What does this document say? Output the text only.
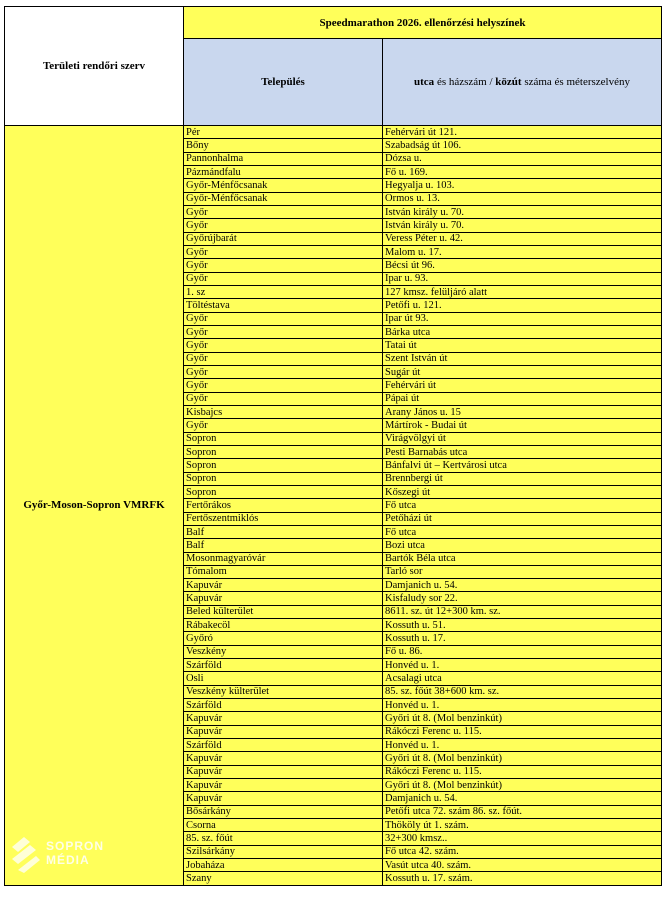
Területi rendőri szerv	Speedmarathon 2026. ellenőrzési helyszínek	
	Település	utca és házszám / közút száma és méterszelvény
Győr-Moson-Sopron VMRFK	Pér	Fehérvári út 121.
	Bőny	Szabadság út 106.
	Pannonhalma	Dózsa u.
	Pázmándfalu	Fő u. 169.
	Győr-Ménfőcsanak	Hegyalja u. 103.
	Győr-Ménfőcsanak	Ormos u. 13.
	Győr	István király u. 70.
	Győr	István király u. 70.
	Győrújbarát	Veress Péter u. 42.
	Győr	Malom u. 17.
	Győr	Bécsi út 96.
	Győr	Ipar u. 93.
	1. sz	127 kmsz. felüljáró alatt
	Töltéstava	Petőfi u. 121.
	Győr	Ipar út 93.
	Győr	Bárka utca
	Győr	Tatai út
	Győr	Szent István út
	Győr	Sugár út
	Győr	Fehérvári út
	Győr	Pápai út
	Kisbajcs	Arany János u. 15
	Győr	Mártírok - Budai út
	Sopron	Virágvölgyi út
	Sopron	Pesti Barnabás utca
	Sopron	Bánfalvi út – Kertvárosi utca
	Sopron	Brennbergi út
	Sopron	Kőszegi út
	Fertőrákos	Fő utca
	Fertőszentmiklós	Petőházi út
	Balf	Fő utca
	Balf	Bozi utca
	Mosonmagyaróvár	Bartók Béla utca
	Tómalom	Tarló sor
	Kapuvár	Damjanich u. 54.
	Kapuvár	Kisfaludy sor 22.
	Beled külterület	8611. sz. út 12+300 km. sz.
	Rábakecöl	Kossuth u. 51.
	Győró	Kossuth u. 17.
	Veszkény	Fő u. 86.
	Szárföld	Honvéd u. 1.
	Osli	Acsalagi utca
	Veszkény külterület	85. sz. főút 38+600 km. sz.
	Szárföld	Honvéd u. 1.
	Kapuvár	Győri út 8. (Mol benzinkút)
	Kapuvár	Rákóczi Ferenc u. 115.
	Szárföld	Honvéd u. 1.
	Kapuvár	Győri út 8. (Mol benzinkút)
	Kapuvár	Rákóczi Ferenc u. 115.
	Kapuvár	Győri út 8. (Mol benzinkút)
	Kapuvár	Damjanich u. 54.
	Bősárkány	Petőfi utca 72. szám 86. sz. főút.
	Csorna	Thököly út 1. szám.
	85. sz. főút	32+300 kmsz..
	Szilsárkány	Fő utca 42. szám.
	Jobaháza	Vasút utca 40. szám.
	Szany	Kossuth u. 17. szám.
SOPRON
MÉDIA
